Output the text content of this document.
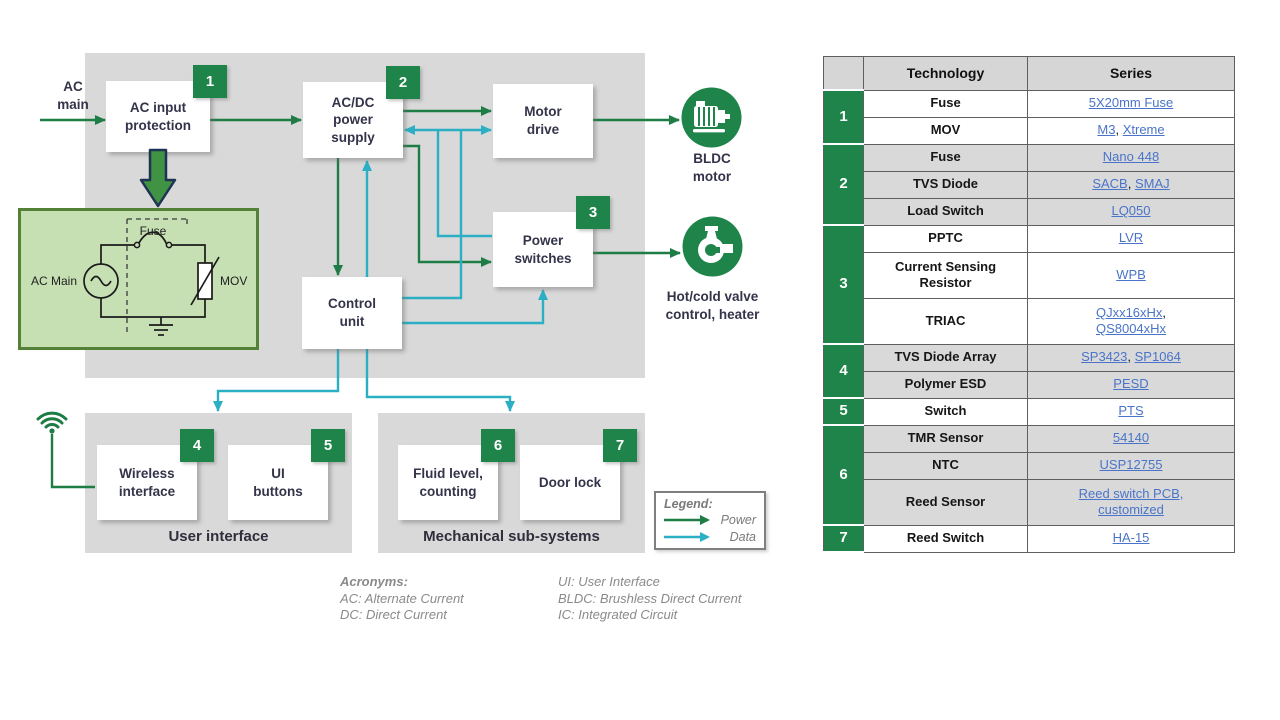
AC main	AC input protection
1
AC/DC power supply
2
Motor drive
Power switches
3
Control unit
Wireless interface
4
UI buttons
5
Fluid level, counting
6
Door lock
7
User interface	Mechanical sub-systems
BLDC motor
Hot/cold valve control, heater
Fuse
MOV
AC Main
Legend:
Power
Data
Acronyms:
AC: Alternate Current
DC: Direct Current
UI: User Interface
BLDC: Brushless Direct Current
IC: Integrated Circuit
	Technology	Series
1	Fuse	5X20mm Fuse
	MOV	M3, Xtreme
2	Fuse	Nano 448
	TVS Diode	SACB, SMAJ
	Load Switch	LQ050
3	PPTC	LVR
	Current Sensing Resistor	WPB
	TRIAC	QJxx16xHx,
QS8004xHx
4	TVS Diode Array	SP3423, SP1064
	Polymer ESD	PESD
5	Switch	PTS
6	TMR Sensor	54140
	NTC	USP12755
	Reed Sensor	Reed switch PCB, customized
7	Reed Switch	HA-15
